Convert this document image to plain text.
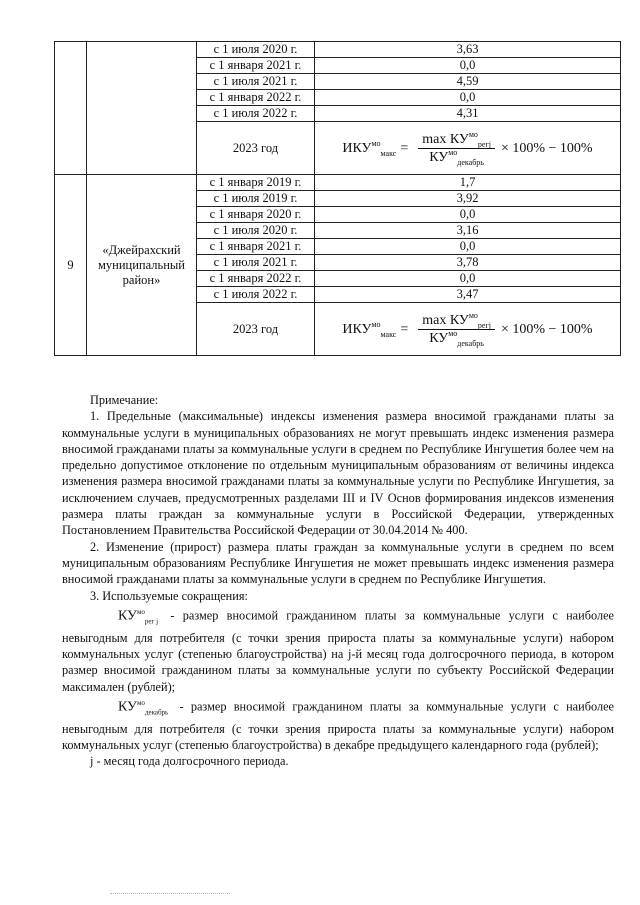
		с 1 июля 2020 г.	3,63
		с 1 января 2021 г.	0,0
		с 1 июля 2021 г.	4,59
		с 1 января 2022 г.	0,0
		с 1 июля 2022 г.	4,31
		2023 год	$ИКУ^{мо}_{макс} = \frac{\max КУ^{мо}_{регj}}{КУ^{мо}_{декабрь}} \times 100\% - 100\%$

9	«Джейрахский
муниципальный
район»	с 1 января 2019 г.	1,7
		с 1 июля 2019 г.	3,92
		с 1 января 2020 г.	0,0
		с 1 июля 2020 г.	3,16
		с 1 января 2021 г.	0,0
		с 1 июля 2021 г.	3,78
		с 1 января 2022 г.	0,0
		с 1 июля 2022 г.	3,47
		2023 год	$ИКУ^{мо}_{макс} = \frac{\max КУ^{мо}_{регj}}{КУ^{мо}_{декабрь}} \times 100\% - 100\%$

Примечание:

1. Предельные (максимальные) индексы изменения размера вносимой гражданами платы за коммунальные услуги в муниципальных образованиях не могут превышать индекс изменения размера вносимой гражданами платы за коммунальные услуги в среднем по Республике Ингушетия более чем на предельно допустимое отклонение по отдельным муниципальным образованиям от величины индекса изменения размера вносимой гражданами платы за коммунальные услуги по Республике Ингушетия, за исключением случаев, предусмотренных разделами III и IV Основ формирования индексов изменения размера платы граждан за коммунальные услуги в Российской Федерации, утвержденных Постановлением Правительства Российской Федерации от 30.04.2014 № 400.

2. Изменение (прирост) размера платы граждан за коммунальные услуги в среднем по всем муниципальным образованиям Республике Ингушетия не может превышать индекс изменения размера вносимой гражданами платы за коммунальные услуги в среднем по Республике Ингушетия.

3. Используемые сокращения:

$КУ^{мо}_{рег j}$ - размер вносимой гражданином платы за коммунальные услуги с наиболее невыгодным для потребителя (с точки зрения прироста платы за коммунальные услуги) набором коммунальных услуг (степенью благоустройства) на j-й месяц года долгосрочного периода, в котором размер вносимой гражданином платы за коммунальные услуги по субъекту Российской Федерации максимален (рублей);

$КУ^{мо}_{декабрь}$ - размер вносимой гражданином платы за коммунальные услуги с наиболее невыгодным для потребителя (с точки зрения прироста платы за коммунальные услуги) набором коммунальных услуг (степенью благоустройства) в декабре предыдущего календарного года (рублей);

j - месяц года долгосрочного периода.
